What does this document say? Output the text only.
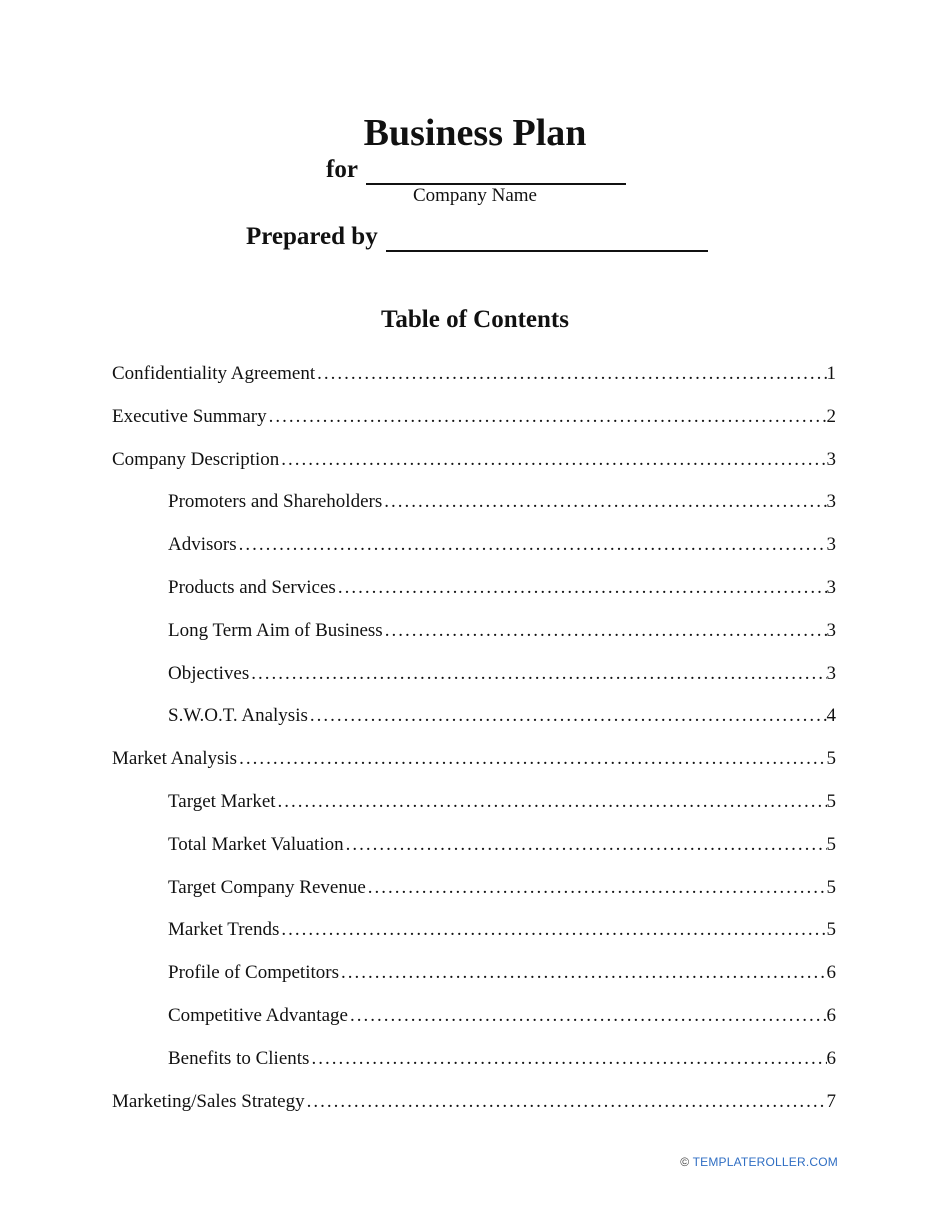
Business Plan
for
Company Name
Prepared by
Table of Contents
Confidentiality Agreement .....	1
Executive Summary .....	2
Company Description .....	3
Promoters and Shareholders .....	3
Advisors .....	3
Products and Services .....	3
Long Term Aim of Business .....	3
Objectives .....	3
S.W.O.T. Analysis .....	4
Market Analysis .....	5
Target Market .....	5
Total Market Valuation .....	5
Target Company Revenue .....	5
Market Trends .....	5
Profile of Competitors .....	6
Competitive Advantage .....	6
Benefits to Clients .....	6
Marketing/Sales Strategy .....	7
© TEMPLATEROLLER.COM
